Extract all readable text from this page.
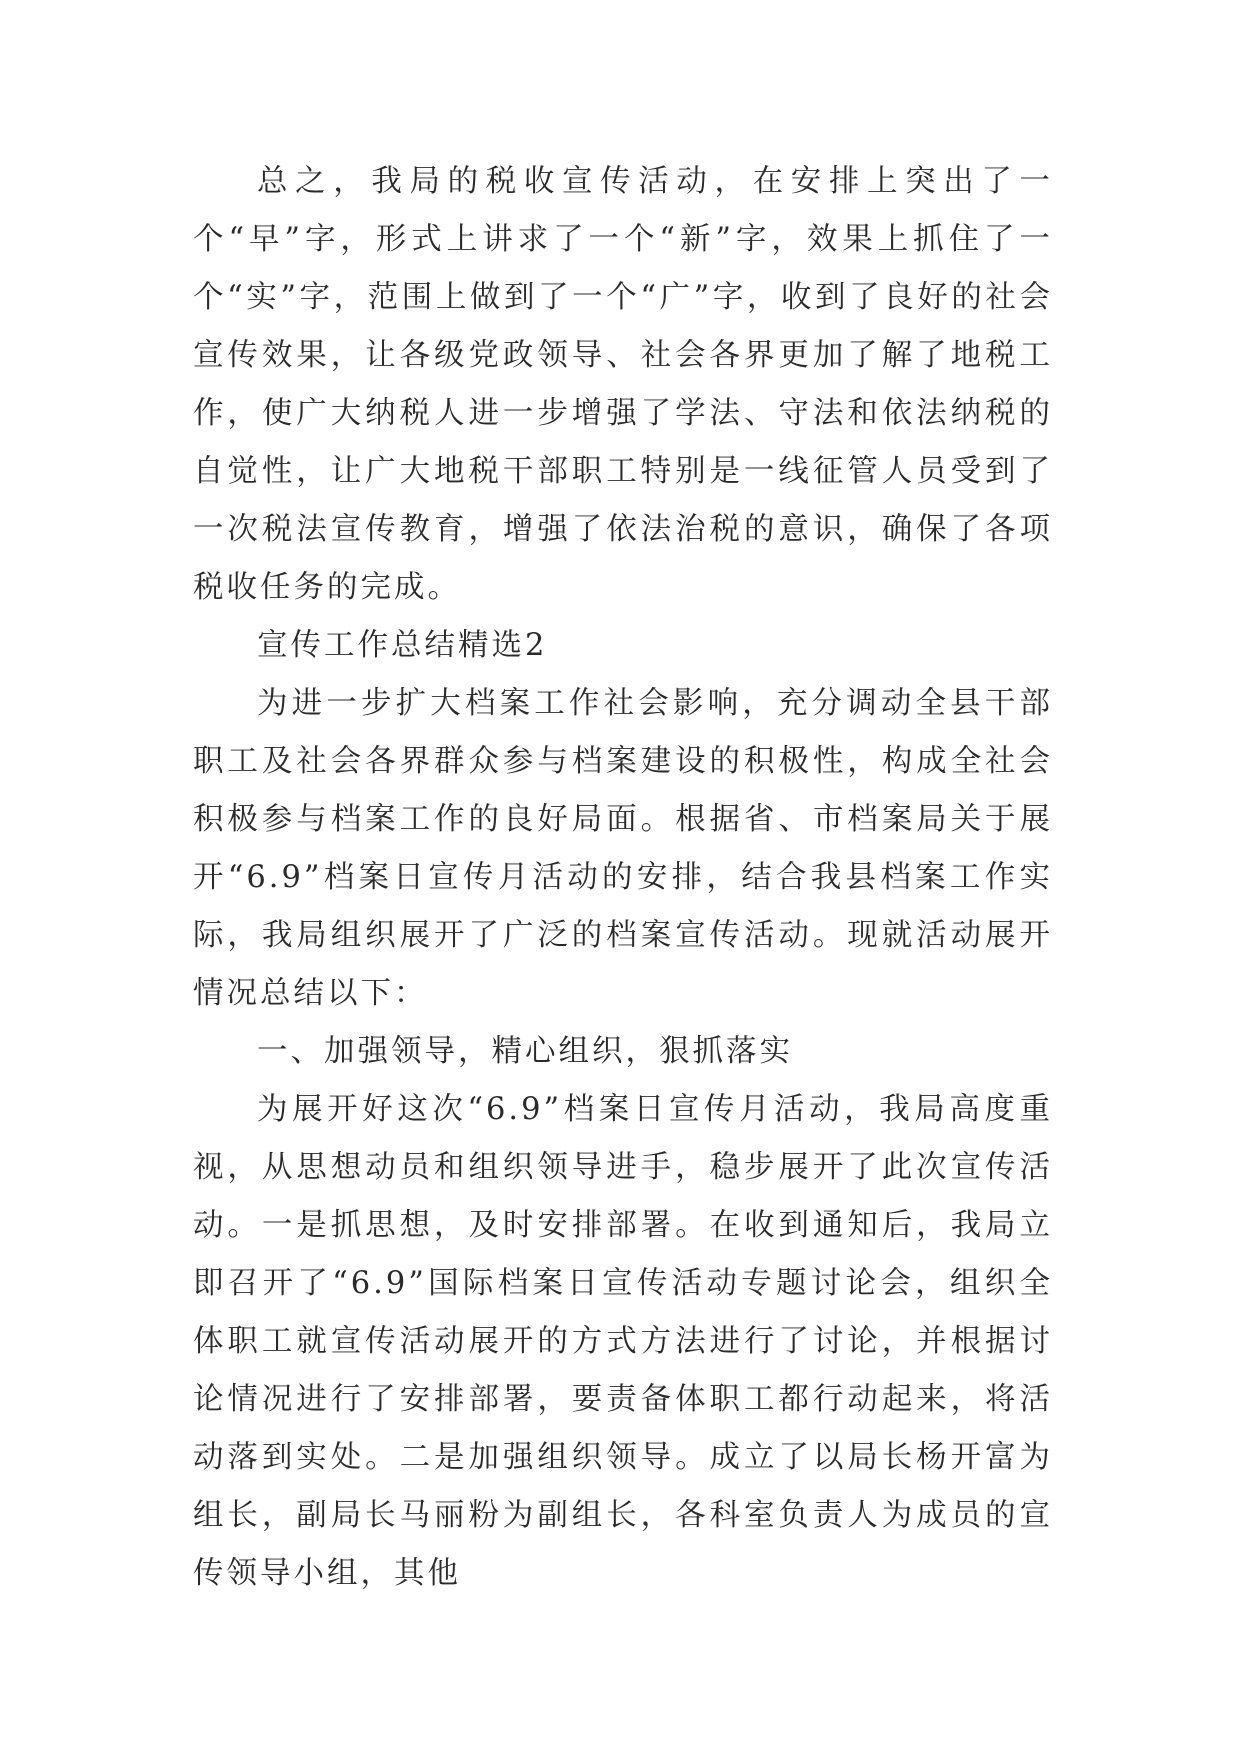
总之，我局的税收宣传活动，在安排上突出了一个“早”字，形式上讲求了一个“新”字，效果上抓住了一个“实”字，范围上做到了一个“广”字，收到了良好的社会宣传效果，让各级党政领导、社会各界更加了解了地税工作，使广大纳税人进一步增强了学法、守法和依法纳税的自觉性，让广大地税干部职工特别是一线征管人员受到了一次税法宣传教育，增强了依法治税的意识，确保了各项税收任务的完成。

宣传工作总结精选2

为进一步扩大档案工作社会影响，充分调动全县干部职工及社会各界群众参与档案建设的积极性，构成全社会积极参与档案工作的良好局面。根据省、市档案局关于展开“6.9”档案日宣传月活动的安排，结合我县档案工作实际，我局组织展开了广泛的档案宣传活动。现就活动展开情况总结以下：

一、加强领导，精心组织，狠抓落实

为展开好这次“6.9”档案日宣传月活动，我局高度重视，从思想动员和组织领导进手，稳步展开了此次宣传活动。一是抓思想，及时安排部署。在收到通知后，我局立即召开了“6.9”国际档案日宣传活动专题讨论会，组织全体职工就宣传活动展开的方式方法进行了讨论，并根据讨论情况进行了安排部署，要责备体职工都行动起来，将活动落到实处。二是加强组织领导。成立了以局长杨开富为组长，副局长马丽粉为副组长，各科室负责人为成员的宣传领导小组，其他
